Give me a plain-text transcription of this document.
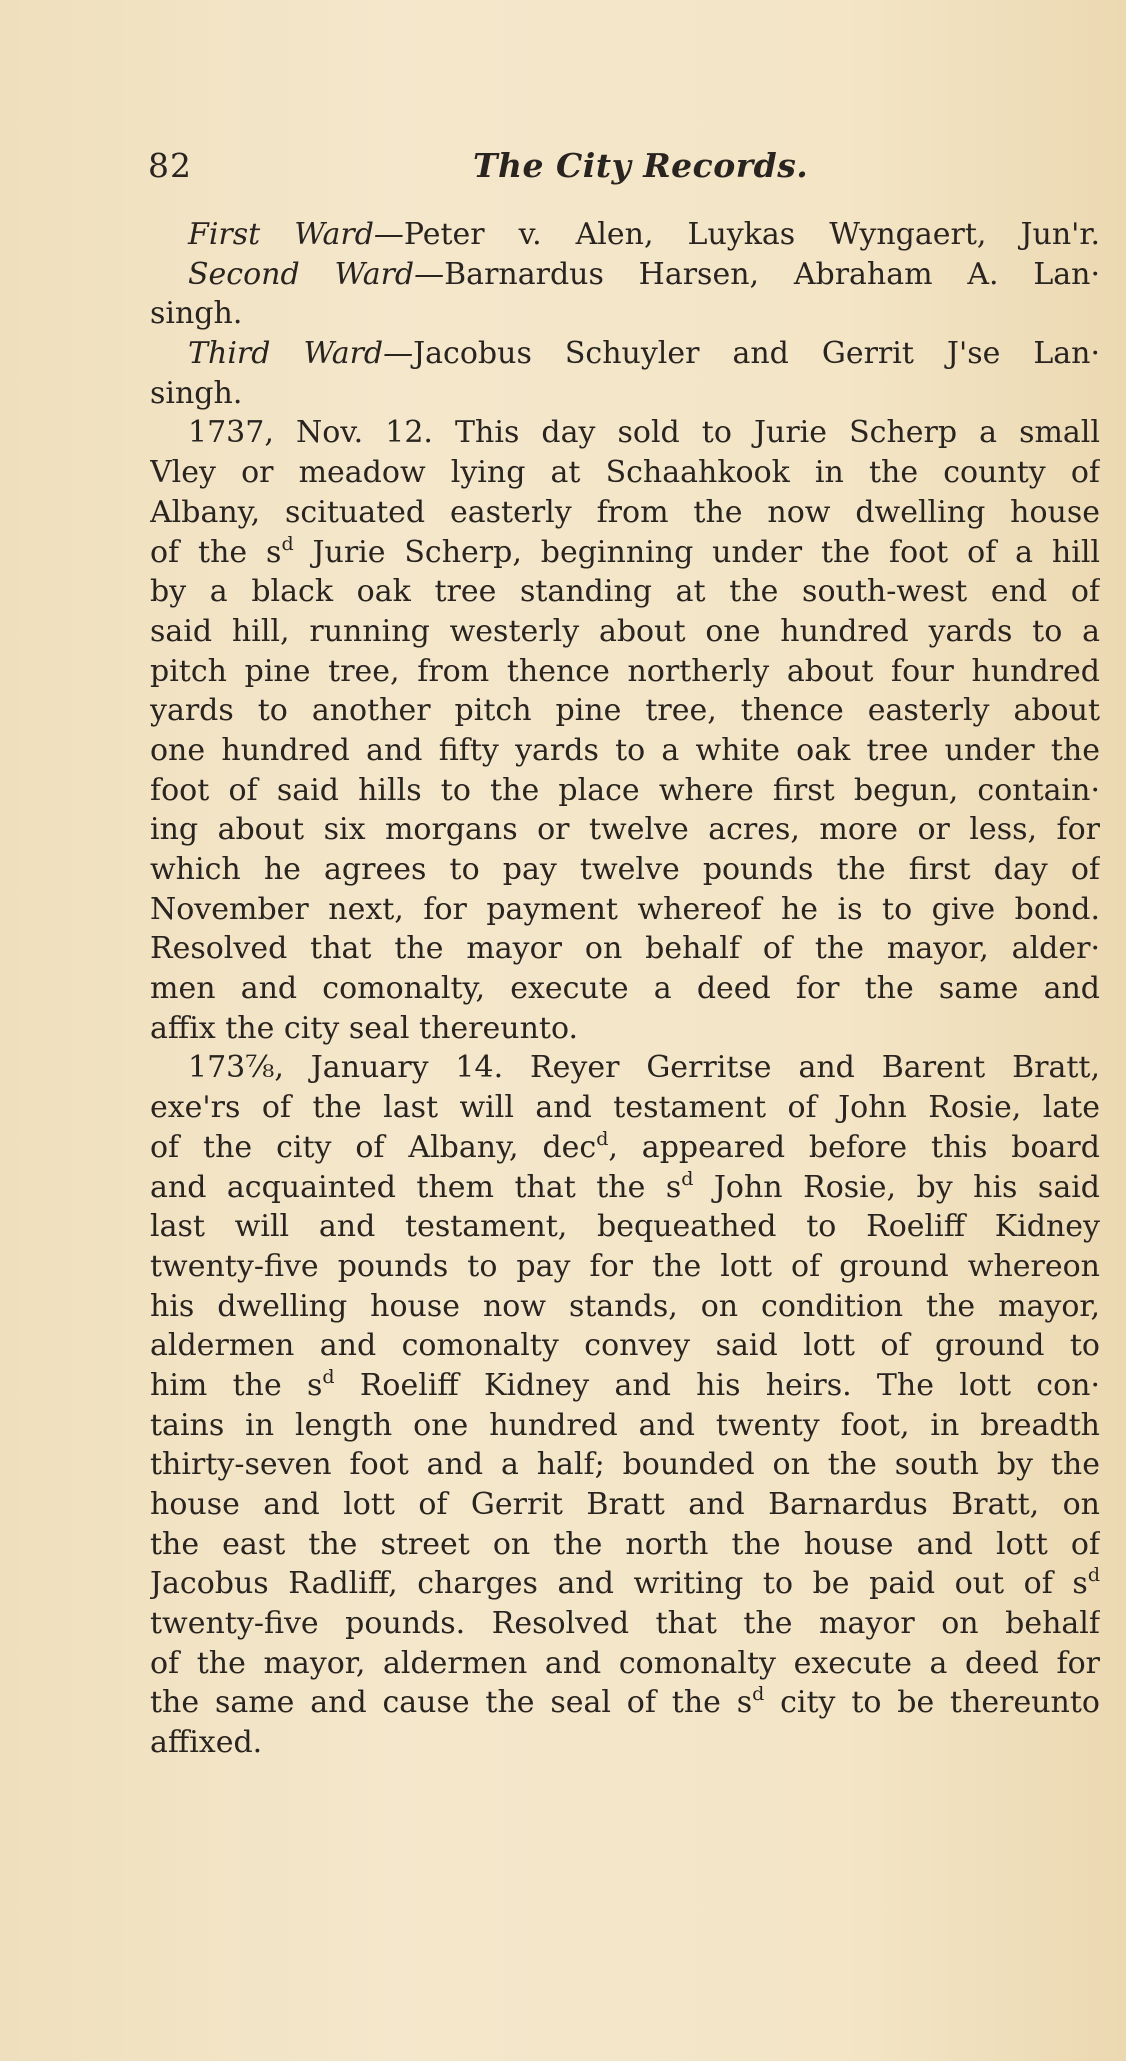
82	The City Records.
First Ward—Peter v. Alen, Luykas Wyngaert, Jun'r.
Second Ward—Barnardus Harsen, Abraham A. Lan·
singh.
Third Ward—Jacobus Schuyler and Gerrit J'se Lan·
singh.
1737, Nov. 12. This day sold to Jurie Scherp a small
Vley or meadow lying at Schaahkook in the county of
Albany, scituated easterly from the now dwelling house
of the $s^d$ Jurie Scherp, beginning under the foot of a hill
by a black oak tree standing at the south-west end of
said hill, running westerly about one hundred yards to a
pitch pine tree, from thence northerly about four hundred
yards to another pitch pine tree, thence easterly about
one hundred and fifty yards to a white oak tree under the
foot of said hills to the place where first begun, contain·
ing about six morgans or twelve acres, more or less, for
which he agrees to pay twelve pounds the first day of
November next, for payment whereof he is to give bond.
Resolved that the mayor on behalf of the mayor, alder·
men and comonalty, execute a deed for the same and
affix the city seal thereunto.
173⅞, January 14. Reyer Gerritse and Barent Bratt,
exe'rs of the last will and testament of John Rosie, late
of the city of Albany, dec$^d$, appeared before this board
and acquainted them that the $s^d$ John Rosie, by his said
last will and testament, bequeathed to Roeliff Kidney
twenty-five pounds to pay for the lott of ground whereon
his dwelling house now stands, on condition the mayor,
aldermen and comonalty convey said lott of ground to
him the $s^d$ Roeliff Kidney and his heirs. The lott con·
tains in length one hundred and twenty foot, in breadth
thirty-seven foot and a half; bounded on the south by the
house and lott of Gerrit Bratt and Barnardus Bratt, on
the east the street on the north the house and lott of
Jacobus Radliff, charges and writing to be paid out of $s^d$
twenty-five pounds. Resolved that the mayor on behalf
of the mayor, aldermen and comonalty execute a deed for
the same and cause the seal of the $s^d$ city to be thereunto
affixed.
